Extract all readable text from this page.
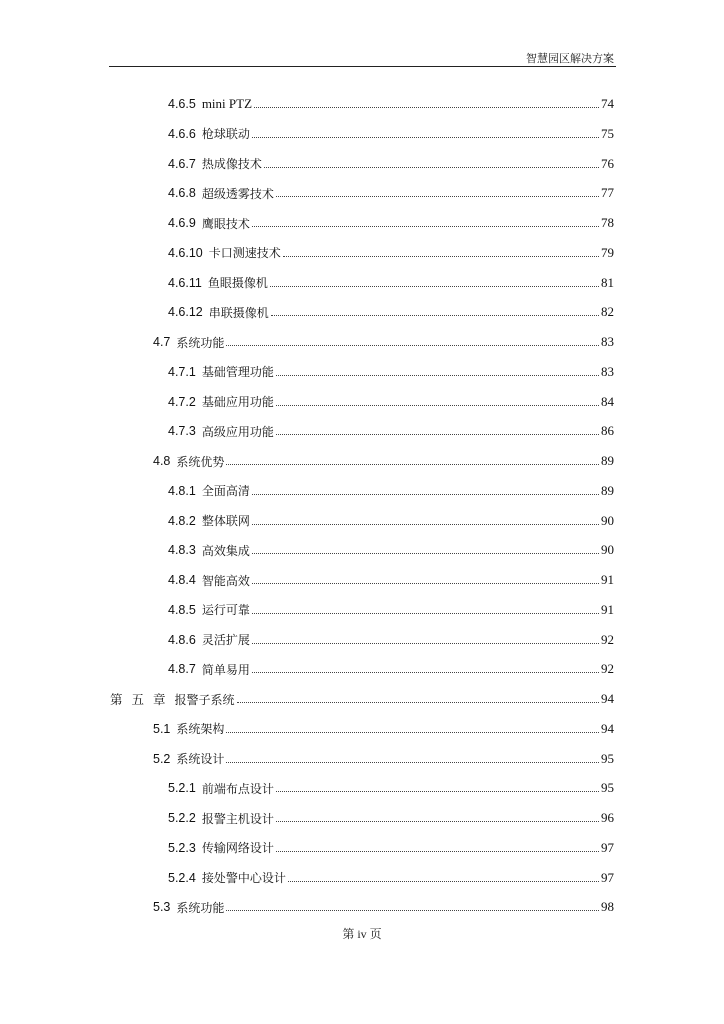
智慧园区解决方案
4.6.5 mini PTZ	74
4.6.6 枪球联动	75
4.6.7 热成像技术	76
4.6.8 超级透雾技术	77
4.6.9 鹰眼技术	78
4.6.10 卡口测速技术	79
4.6.11 鱼眼摄像机	81
4.6.12 串联摄像机	82
4.7 系统功能	83
4.7.1 基础管理功能	83
4.7.2 基础应用功能	84
4.7.3 高级应用功能	86
4.8 系统优势	89
4.8.1 全面高清	89
4.8.2 整体联网	90
4.8.3 高效集成	90
4.8.4 智能高效	91
4.8.5 运行可靠	91
4.8.6 灵活扩展	92
4.8.7 简单易用	92
第五章 报警子系统	94
5.1 系统架构	94
5.2 系统设计	95
5.2.1 前端布点设计	95
5.2.2 报警主机设计	96
5.2.3 传输网络设计	97
5.2.4 接处警中心设计	97
5.3 系统功能	98
第 iv 页
